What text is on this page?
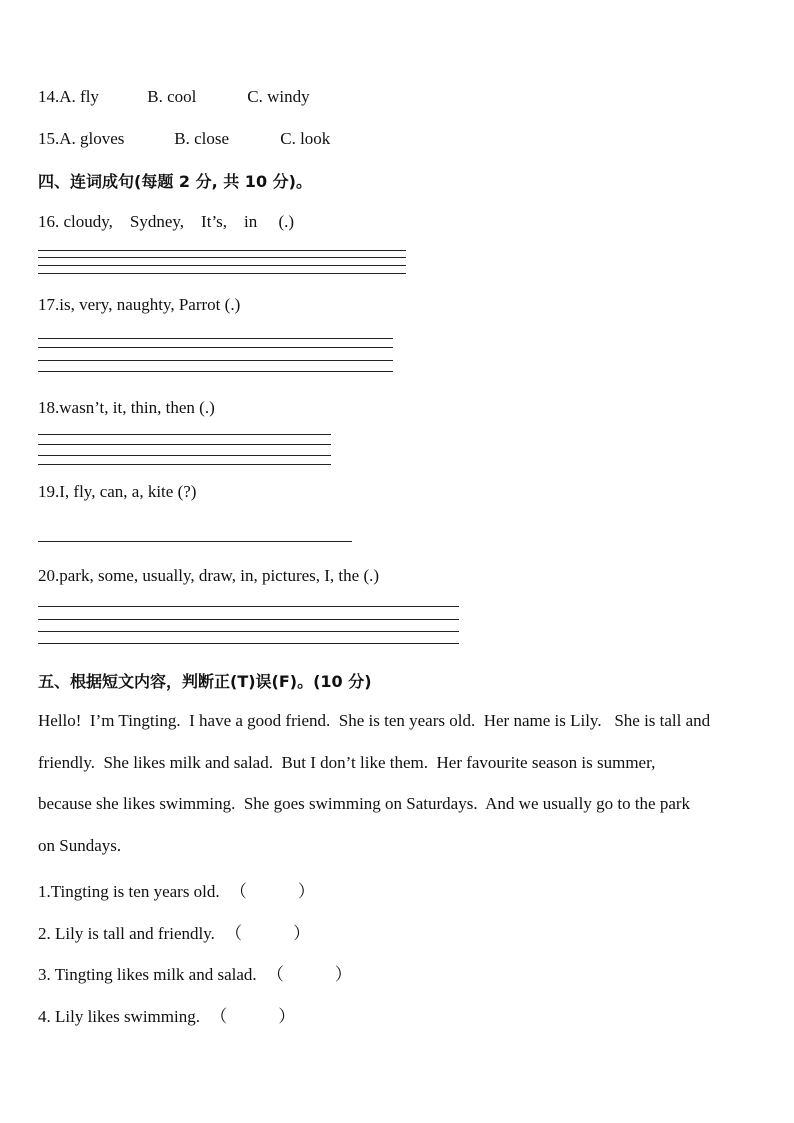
14.A. fly	B. cool	C. windy
15.A. gloves	B. close	C. look
四、连词成句(每题 2 分, 共 10 分)。
16. cloudy,    Sydney,    It’s,    in     (.)
17.is, very, naughty, Parrot (.)
18.wasn’t, it, thin, then (.)
19.I, fly, can, a, kite (?)
20.park, some, usually, draw, in, pictures, I, the (.)
五、根据短文内容，判断正(T)误(F)。(10 分)
Hello!  I’m Tingting.  I have a good friend.  She is ten years old.  Her name is Lily.   She is tall and
friendly.  She likes milk and salad.  But I don’t like them.  Her favourite season is summer,
because she likes swimming.  She goes swimming on Saturdays.  And we usually go to the park
on Sundays.
1.Tingting is ten years old. （            ）
2. Lily is tall and friendly. （            ）
3. Tingting likes milk and salad. （            ）
4. Lily likes swimming. （            ）
